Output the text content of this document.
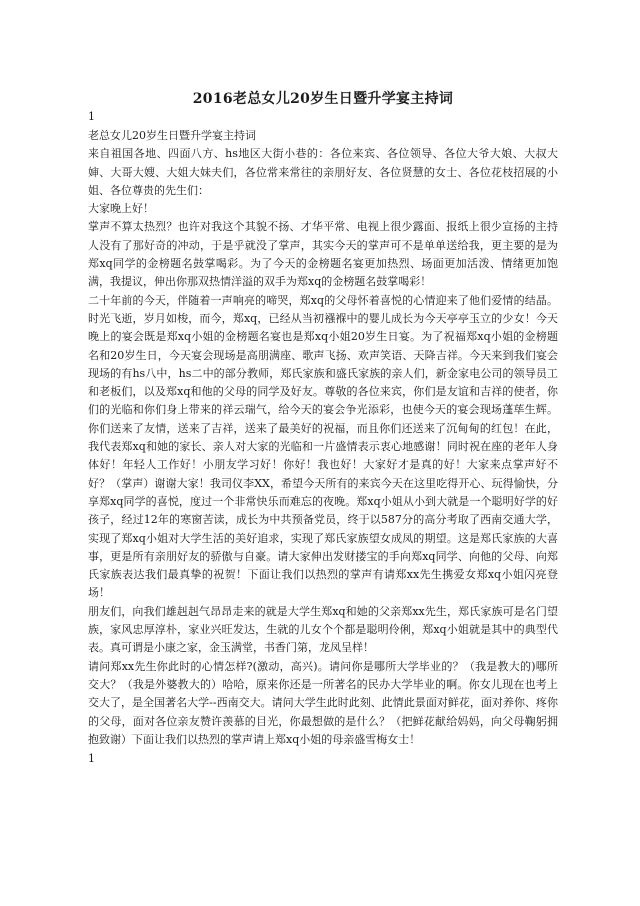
2016老总女儿20岁生日暨升学宴主持词
1

老总女儿20岁生日暨升学宴主持词

来自祖国各地、四面八方、hs地区大街小巷的：各位来宾、各位领导、各位大爷大娘、大叔大婶、大哥大嫂、大姐大妹夫们，各位常来常往的亲朋好友、各位贤慧的女士、各位花枝招展的小姐、各位尊贵的先生们：

大家晚上好！

掌声不算太热烈？也许对我这个其貌不扬、才华平常、电视上很少露面、报纸上很少宣扬的主持人没有了那好奇的冲动，于是乎就没了掌声，其实今天的掌声可不是单单送给我，更主要的是为郑xq同学的金榜题名鼓掌喝彩。为了今天的金榜题名宴更加热烈、场面更加活泼、情绪更加饱满，我提议，伸出你那双热情洋溢的双手为郑xq的金榜题名鼓掌喝彩！

二十年前的今天，伴随着一声响亮的啼哭，郑xq的父母怀着喜悦的心情迎来了他们爱情的结晶。时光飞逝，岁月如梭，而今，郑xq，已经从当初襁褓中的婴儿成长为今天亭亭玉立的少女！今天晚上的宴会既是郑xq小姐的金榜题名宴也是郑xq小姐20岁生日宴。为了祝福郑xq小姐的金榜题名和20岁生日，今天宴会现场是高朋满座、歌声飞扬、欢声笑语、天降吉祥。今天来到我们宴会现场的有hs八中，hs二中的部分教师，郑氏家族和盛氏家族的亲人们，新金家电公司的领导员工和老板们，以及郑xq和他的父母的同学及好友。尊敬的各位来宾，你们是友谊和吉祥的使者，你们的光临和你们身上带来的祥云瑞气，给今天的宴会争光添彩，也使今天的宴会现场蓬荜生辉。你们送来了友情，送来了吉祥，送来了最美好的祝福，而且你们还送来了沉甸甸的红包！在此，我代表郑xq和她的家长、亲人对大家的光临和一片盛情表示衷心地感谢！同时祝在座的老年人身体好！年轻人工作好！小朋友学习好！你好！我也好！大家好才是真的好！大家来点掌声好不好？（掌声）谢谢大家！我司仪李XX，希望今天所有的来宾今天在这里吃得开心、玩得愉快，分享郑xq同学的喜悦，度过一个非常快乐而难忘的夜晚。郑xq小姐从小到大就是一个聪明好学的好孩子，经过12年的寒窗苦读，成长为中共预备党员，终于以587分的高分考取了西南交通大学，实现了郑xq小姐对大学生活的美好追求，实现了郑氏家族望女成凤的期望。这是郑氏家族的大喜事，更是所有亲朋好友的骄傲与自豪。请大家伸出发财搂宝的手向郑xq同学、向他的父母、向郑氏家族表达我们最真挚的祝贺！下面让我们以热烈的掌声有请郑xx先生携爱女郑xq小姐闪亮登场！

朋友们，向我们雄赳赳气昂昂走来的就是大学生郑xq和她的父亲郑xx先生，郑氏家族可是名门望族，家风忠厚淳朴，家业兴旺发达，生就的儿女个个都是聪明伶俐，郑xq小姐就是其中的典型代表。真可谓是小康之家，金玉满堂，书香门第，龙凤呈样！

请问郑xx先生你此时的心情怎样?(激动，高兴)。请问你是哪所大学毕业的？（我是教大的)哪所交大？（我是外婆教大的）哈哈，原来你还是一所著名的民办大学毕业的啊。你女儿现在也考上交大了，是全国著名大学--西南交大。请问大学生此时此刻、此情此景面对鲜花，面对养你、疼你的父母，面对各位亲友赞许羡慕的目光，你最想做的是什么？（把鲜花献给妈妈，向父母鞠躬拥抱致谢）下面让我们以热烈的掌声请上郑xq小姐的母亲盛雪梅女士！

1
